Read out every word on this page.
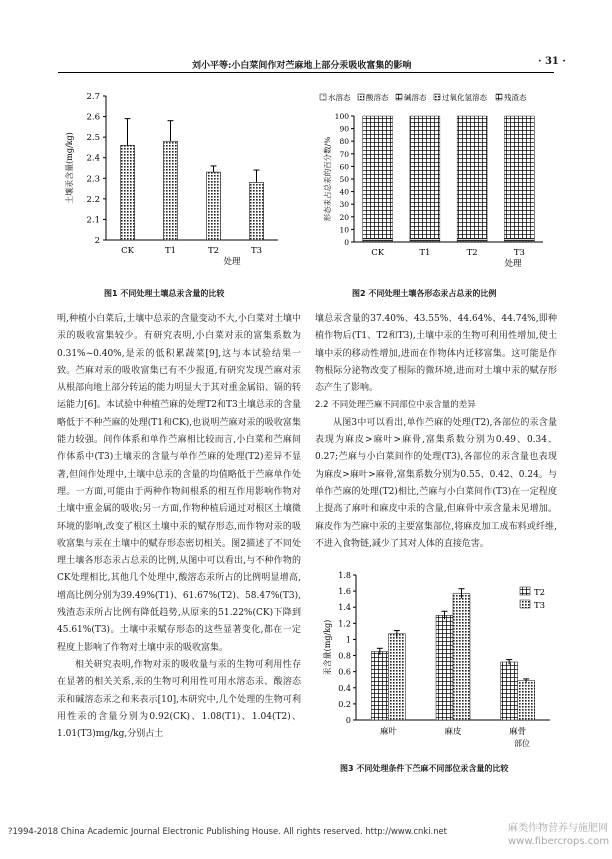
刘小平等:小白菜间作对苎麻地上部分汞吸收富集的影响	· 31 ·
2
2.1
2.2
2.3
2.4
2.5
2.6
2.7
CK	T1	T2	T3
处理
土壤汞含量(mg/kg)
图1 不同处理土壤总汞含量的比较
水溶态 酸溶态 碱溶态 过氧化氢溶态 残渣态
0
10
20
30
40
50
60
70
80
90
100
CK	T1	T2	T3
处理
形态汞占总汞的百分数/%
图2 不同处理土壤各形态汞占总汞的比例

明,种植小白菜后,土壤中总汞的含量变动不大,小白菜对土壤中汞的吸收富集较少。有研究表明,小白菜对汞的富集系数为0.31%~0.40%,是汞的低积累蔬菜[9],这与本试验结果一致。苎麻对汞的吸收富集已有不少报道,有研究发现苎麻对汞从根部向地上部分转运的能力明显大于其对重金属铅、镉的转运能力[6]。本试验中种植苎麻的处理T2和T3土壤总汞的含量略低于不种苎麻的处理(T1和CK),也说明苎麻对汞的吸收富集能力较强。间作体系和单作苎麻相比较而言,小白菜和苎麻间作体系中(T3)土壤汞的含量与单作苎麻的处理(T2)差异不显著,但间作处理中,土壤中总汞的含量的均值略低于苎麻单作处理。一方面,可能由于两种作物间根系的相互作用影响作物对土壤中重金属的吸收;另一方面,作物种植后通过对根区土壤微环境的影响,改变了根区土壤中汞的赋存形态,而作物对汞的吸收富集与汞在土壤中的赋存形态密切相关。图2描述了不同处理土壤各形态汞占总汞的比例,从图中可以看出,与不种作物的CK处理相比,其他几个处理中,酸溶态汞所占的比例明显增高,增高比例分别为39.49%(T1)、61.67%(T2)、58.47%(T3),残渣态汞所占比例有降低趋势,从原来的51.22%(CK)下降到45.61%(T3)。土壤中汞赋存形态的这些显著变化,都在一定程度上影响了作物对土壤中汞的吸收富集。

相关研究表明,作物对汞的吸收量与汞的生物可利用性存在显著的相关关系,汞的生物可利用性可用水溶态汞、酸溶态汞和碱溶态汞之和来表示[10],本研究中,几个处理的生物可利用性汞的含量分别为0.92(CK)、1.08(T1)、1.04(T2)、1.01(T3)mg/kg,分别占土

壤总汞含量的37.40%、43.55%、44.64%、44.74%,即种植作物后(T1、T2和T3),土壤中汞的生物可利用性增加,使土壤中汞的移动性增加,进而在作物体内迁移富集。这可能是作物根际分泌物改变了根际的微环境,进而对土壤中汞的赋存形态产生了影响。

2.2 不同处理苎麻不同部位中汞含量的差异

从图3中可以看出,单作苎麻的处理(T2),各部位的汞含量表现为麻皮>麻叶>麻骨,富集系数分别为0.49、0.34、0.27;苎麻与小白菜间作的处理(T3),各部位的汞含量也表现为麻皮>麻叶>麻骨,富集系数分别为0.55、0.42、0.24。与单作苎麻的处理(T2)相比,苎麻与小白菜间作(T3)在一定程度上提高了麻叶和麻皮中汞的含量,但麻骨中汞含量未见增加。麻皮作为苎麻中汞的主要富集部位,将麻皮加工成布料或纤维,不进入食物链,减少了其对人体的直接危害。

0
0.2
0.4
0.6
0.8
1
1.2
1.4
1.6
1.8
T2
T3
麻叶	麻皮	麻骨
部位
汞含量(mg/kg)
图3 不同处理条件下苎麻不同部位汞含量的比较
?1994-2018 China Academic Journal Electronic Publishing House. All rights reserved. http://www.cnki.net	麻类作物营养与施肥网
www.fibercrops.com
